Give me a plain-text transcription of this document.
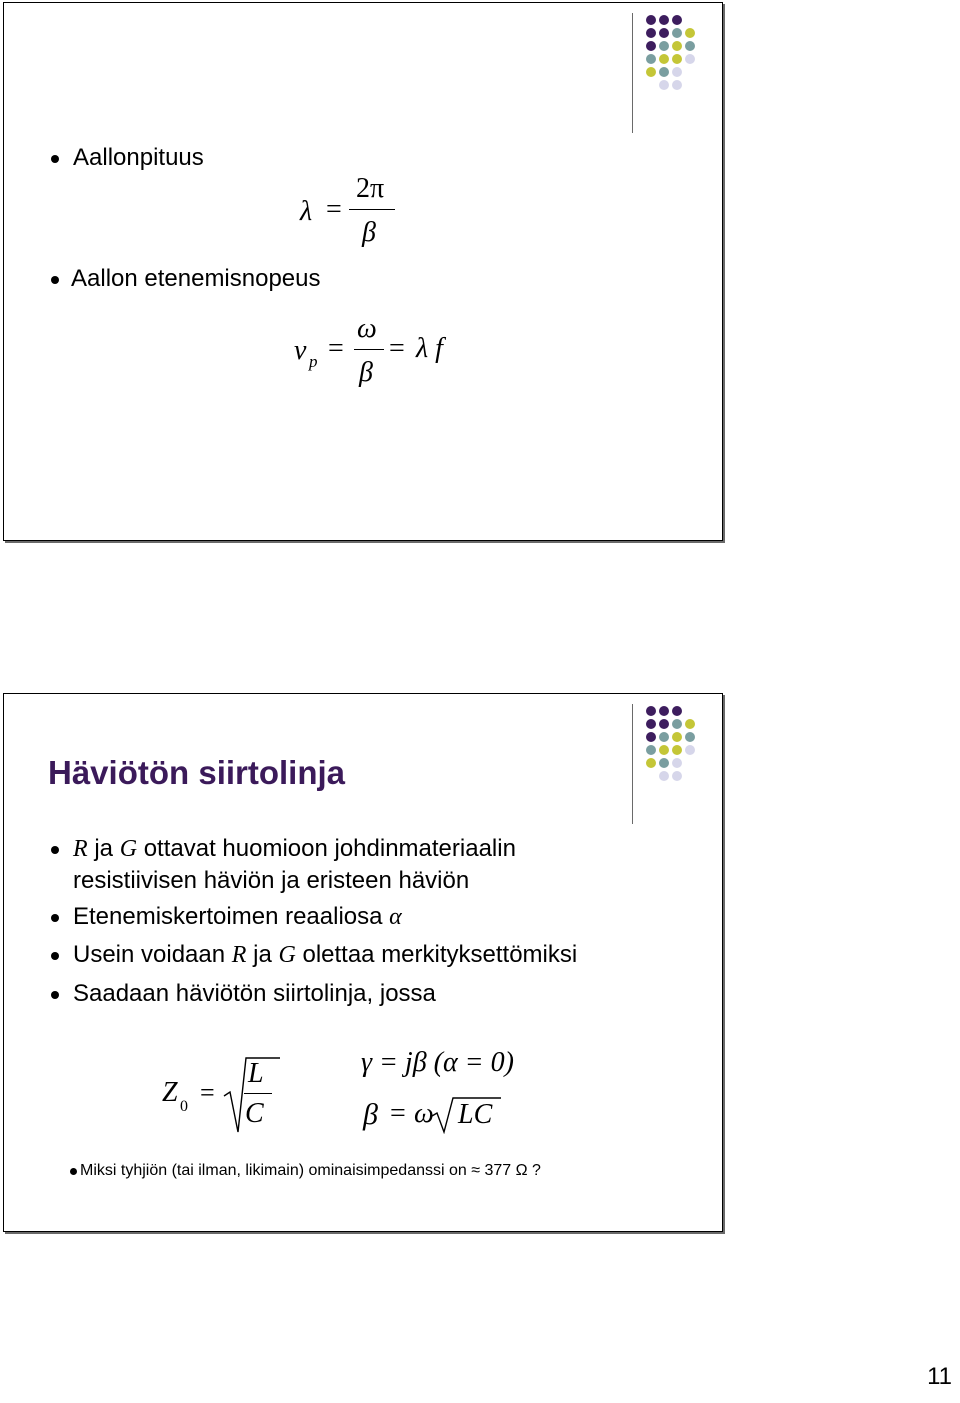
Aallonpituus
λ =
2π
β
Aallon etenemisnopeus
v p =
ω
β
= λ f
Häviötön siirtolinja
R ja G ottavat huomioon johdinmateriaalin
resistiivisen häviön ja eristeen häviön
Etenemiskertoimen reaaliosa α
Usein voidaan R ja G olettaa merkityksettömiksi
Saadaan häviötön siirtolinja, jossa
Z 0 =
L
C
γ = jβ (α = 0)
β = ω LC
Miksi tyhjiön (tai ilman, likimain) ominaisimpedanssi on ≈ 377 Ω ?
11
